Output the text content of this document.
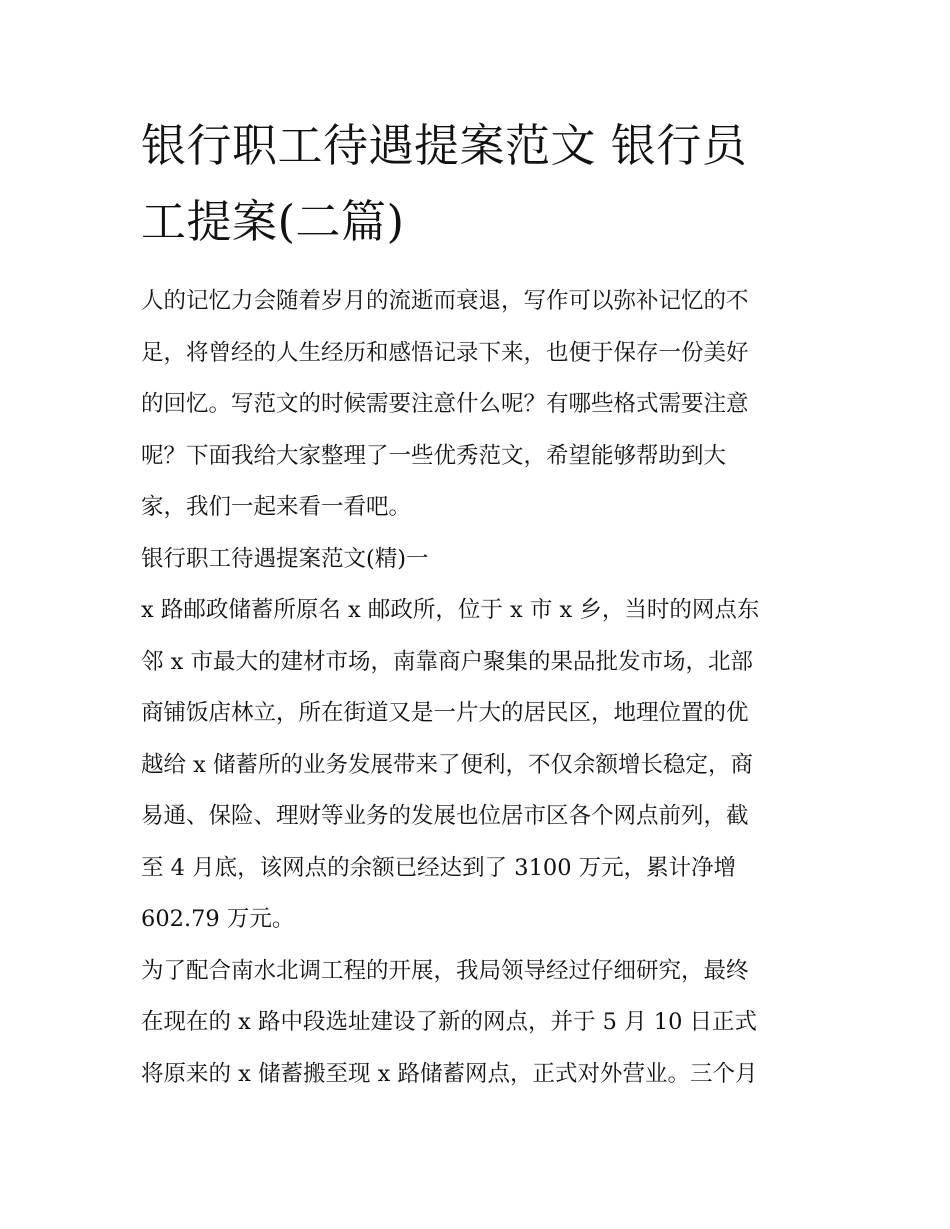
银行职工待遇提案范文 银行员
工提案(二篇)

人的记忆力会随着岁月的流逝而衰退，写作可以弥补记忆的不
足，将曾经的人生经历和感悟记录下来，也便于保存一份美好
的回忆。写范文的时候需要注意什么呢？有哪些格式需要注意
呢？下面我给大家整理了一些优秀范文，希望能够帮助到大
家，我们一起来看一看吧。

银行职工待遇提案范文(精)一

x 路邮政储蓄所原名 x 邮政所，位于 x 市 x 乡，当时的网点东
邻 x 市最大的建材市场，南靠商户聚集的果品批发市场，北部
商铺饭店林立，所在街道又是一片大的居民区，地理位置的优
越给 x 储蓄所的业务发展带来了便利，不仅余额增长稳定，商
易通、保险、理财等业务的发展也位居市区各个网点前列，截
至 4 月底，该网点的余额已经达到了 3100 万元，累计净增
602.79 万元。

为了配合南水北调工程的开展，我局领导经过仔细研究，最终
在现在的 x 路中段选址建设了新的网点，并于 5 月 10 日正式
将原来的 x 储蓄搬至现 x 路储蓄网点，正式对外营业。三个月
